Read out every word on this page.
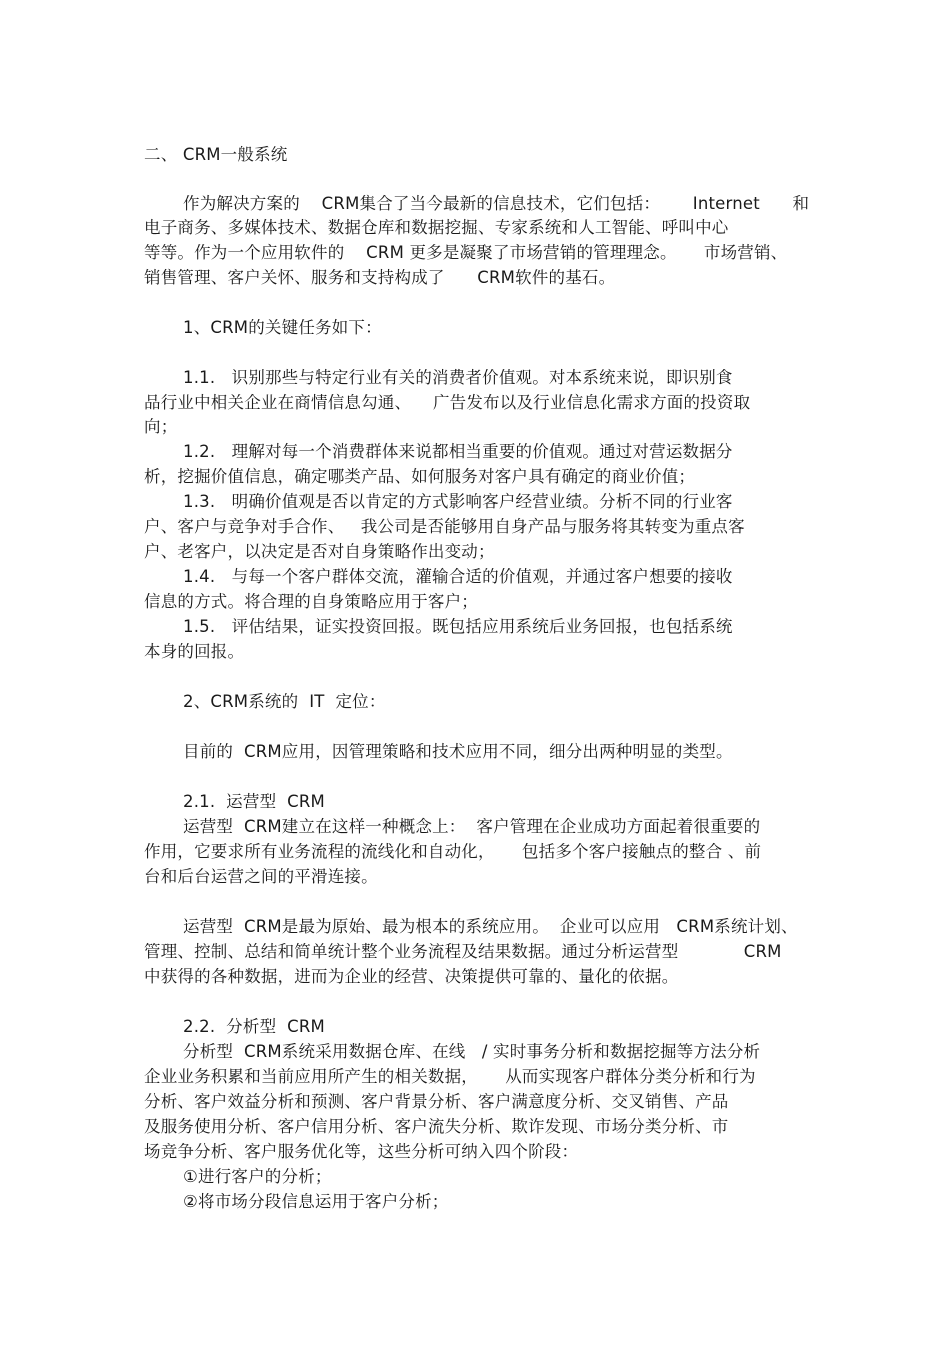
二、 CRM一般系统
作为解决方案的    CRM集合了当今最新的信息技术，它们包括：      Internet      和
电子商务、多媒体技术、数据仓库和数据挖掘、专家系统和人工智能、呼叫中心
等等。作为一个应用软件的    CRM 更多是凝聚了市场营销的管理理念。     市场营销、
销售管理、客户关怀、服务和支持构成了      CRM软件的基石。
1、CRM的关键任务如下：
1.1.   识别那些与特定行业有关的消费者价值观。对本系统来说，即识别食
品行业中相关企业在商情信息勾通、    广告发布以及行业信息化需求方面的投资取
向；
1.2.   理解对每一个消费群体来说都相当重要的价值观。通过对营运数据分
析，挖掘价值信息，确定哪类产品、如何服务对客户具有确定的商业价值；
1.3.   明确价值观是否以肯定的方式影响客户经营业绩。分析不同的行业客
户、客户与竞争对手合作、   我公司是否能够用自身产品与服务将其转变为重点客
户、老客户，以决定是否对自身策略作出变动；
1.4.   与每一个客户群体交流，灌输合适的价值观，并通过客户想要的接收
信息的方式。将合理的自身策略应用于客户；
1.5.   评估结果，证实投资回报。既包括应用系统后业务回报，也包括系统
本身的回报。
2、CRM系统的  IT  定位：
目前的  CRM应用，因管理策略和技术应用不同，细分出两种明显的类型。
2.1.  运营型  CRM
运营型  CRM建立在这样一种概念上：  客户管理在企业成功方面起着很重要的
作用，它要求所有业务流程的流线化和自动化，     包括多个客户接触点的整合 、前
台和后台运营之间的平滑连接。
运营型  CRM是最为原始、最为根本的系统应用。  企业可以应用   CRM系统计划、
管理、控制、总结和简单统计整个业务流程及结果数据。通过分析运营型            CRM
中获得的各种数据，进而为企业的经营、决策提供可靠的、量化的依据。
2.2.  分析型  CRM
分析型  CRM系统采用数据仓库、在线   / 实时事务分析和数据挖掘等方法分析
企业业务积累和当前应用所产生的相关数据，     从而实现客户群体分类分析和行为
分析、客户效益分析和预测、客户背景分析、客户满意度分析、交叉销售、产品
及服务使用分析、客户信用分析、客户流失分析、欺诈发现、市场分类分析、市
场竞争分析、客户服务优化等，这些分析可纳入四个阶段：
①进行客户的分析；
②将市场分段信息运用于客户分析；
